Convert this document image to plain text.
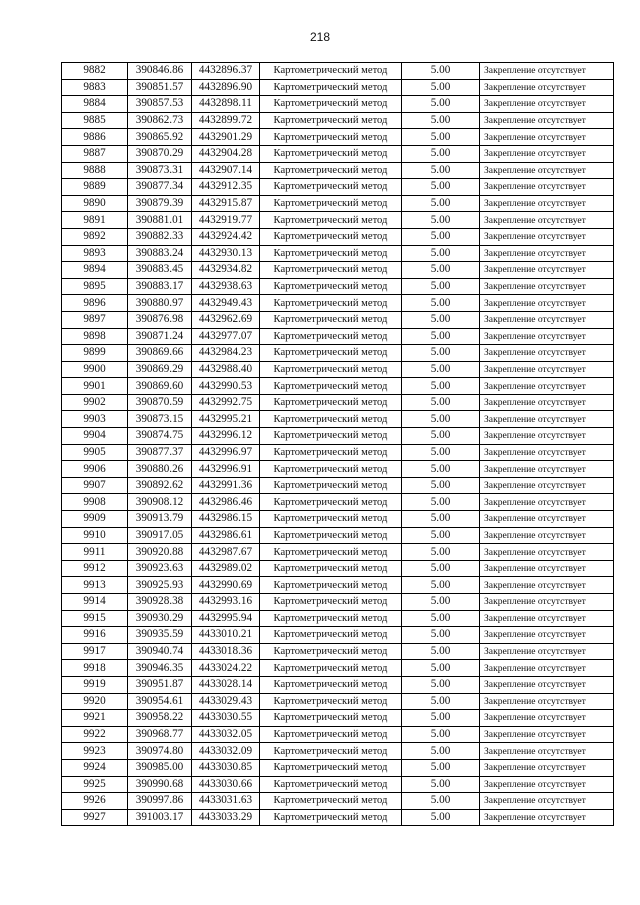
218
9882	390846.86	4432896.37	Картометрический метод	5.00	Закрепление отсутствует
9883	390851.57	4432896.90	Картометрический метод	5.00	Закрепление отсутствует
9884	390857.53	4432898.11	Картометрический метод	5.00	Закрепление отсутствует
9885	390862.73	4432899.72	Картометрический метод	5.00	Закрепление отсутствует
9886	390865.92	4432901.29	Картометрический метод	5.00	Закрепление отсутствует
9887	390870.29	4432904.28	Картометрический метод	5.00	Закрепление отсутствует
9888	390873.31	4432907.14	Картометрический метод	5.00	Закрепление отсутствует
9889	390877.34	4432912.35	Картометрический метод	5.00	Закрепление отсутствует
9890	390879.39	4432915.87	Картометрический метод	5.00	Закрепление отсутствует
9891	390881.01	4432919.77	Картометрический метод	5.00	Закрепление отсутствует
9892	390882.33	4432924.42	Картометрический метод	5.00	Закрепление отсутствует
9893	390883.24	4432930.13	Картометрический метод	5.00	Закрепление отсутствует
9894	390883.45	4432934.82	Картометрический метод	5.00	Закрепление отсутствует
9895	390883.17	4432938.63	Картометрический метод	5.00	Закрепление отсутствует
9896	390880.97	4432949.43	Картометрический метод	5.00	Закрепление отсутствует
9897	390876.98	4432962.69	Картометрический метод	5.00	Закрепление отсутствует
9898	390871.24	4432977.07	Картометрический метод	5.00	Закрепление отсутствует
9899	390869.66	4432984.23	Картометрический метод	5.00	Закрепление отсутствует
9900	390869.29	4432988.40	Картометрический метод	5.00	Закрепление отсутствует
9901	390869.60	4432990.53	Картометрический метод	5.00	Закрепление отсутствует
9902	390870.59	4432992.75	Картометрический метод	5.00	Закрепление отсутствует
9903	390873.15	4432995.21	Картометрический метод	5.00	Закрепление отсутствует
9904	390874.75	4432996.12	Картометрический метод	5.00	Закрепление отсутствует
9905	390877.37	4432996.97	Картометрический метод	5.00	Закрепление отсутствует
9906	390880.26	4432996.91	Картометрический метод	5.00	Закрепление отсутствует
9907	390892.62	4432991.36	Картометрический метод	5.00	Закрепление отсутствует
9908	390908.12	4432986.46	Картометрический метод	5.00	Закрепление отсутствует
9909	390913.79	4432986.15	Картометрический метод	5.00	Закрепление отсутствует
9910	390917.05	4432986.61	Картометрический метод	5.00	Закрепление отсутствует
9911	390920.88	4432987.67	Картометрический метод	5.00	Закрепление отсутствует
9912	390923.63	4432989.02	Картометрический метод	5.00	Закрепление отсутствует
9913	390925.93	4432990.69	Картометрический метод	5.00	Закрепление отсутствует
9914	390928.38	4432993.16	Картометрический метод	5.00	Закрепление отсутствует
9915	390930.29	4432995.94	Картометрический метод	5.00	Закрепление отсутствует
9916	390935.59	4433010.21	Картометрический метод	5.00	Закрепление отсутствует
9917	390940.74	4433018.36	Картометрический метод	5.00	Закрепление отсутствует
9918	390946.35	4433024.22	Картометрический метод	5.00	Закрепление отсутствует
9919	390951.87	4433028.14	Картометрический метод	5.00	Закрепление отсутствует
9920	390954.61	4433029.43	Картометрический метод	5.00	Закрепление отсутствует
9921	390958.22	4433030.55	Картометрический метод	5.00	Закрепление отсутствует
9922	390968.77	4433032.05	Картометрический метод	5.00	Закрепление отсутствует
9923	390974.80	4433032.09	Картометрический метод	5.00	Закрепление отсутствует
9924	390985.00	4433030.85	Картометрический метод	5.00	Закрепление отсутствует
9925	390990.68	4433030.66	Картометрический метод	5.00	Закрепление отсутствует
9926	390997.86	4433031.63	Картометрический метод	5.00	Закрепление отсутствует
9927	391003.17	4433033.29	Картометрический метод	5.00	Закрепление отсутствует
